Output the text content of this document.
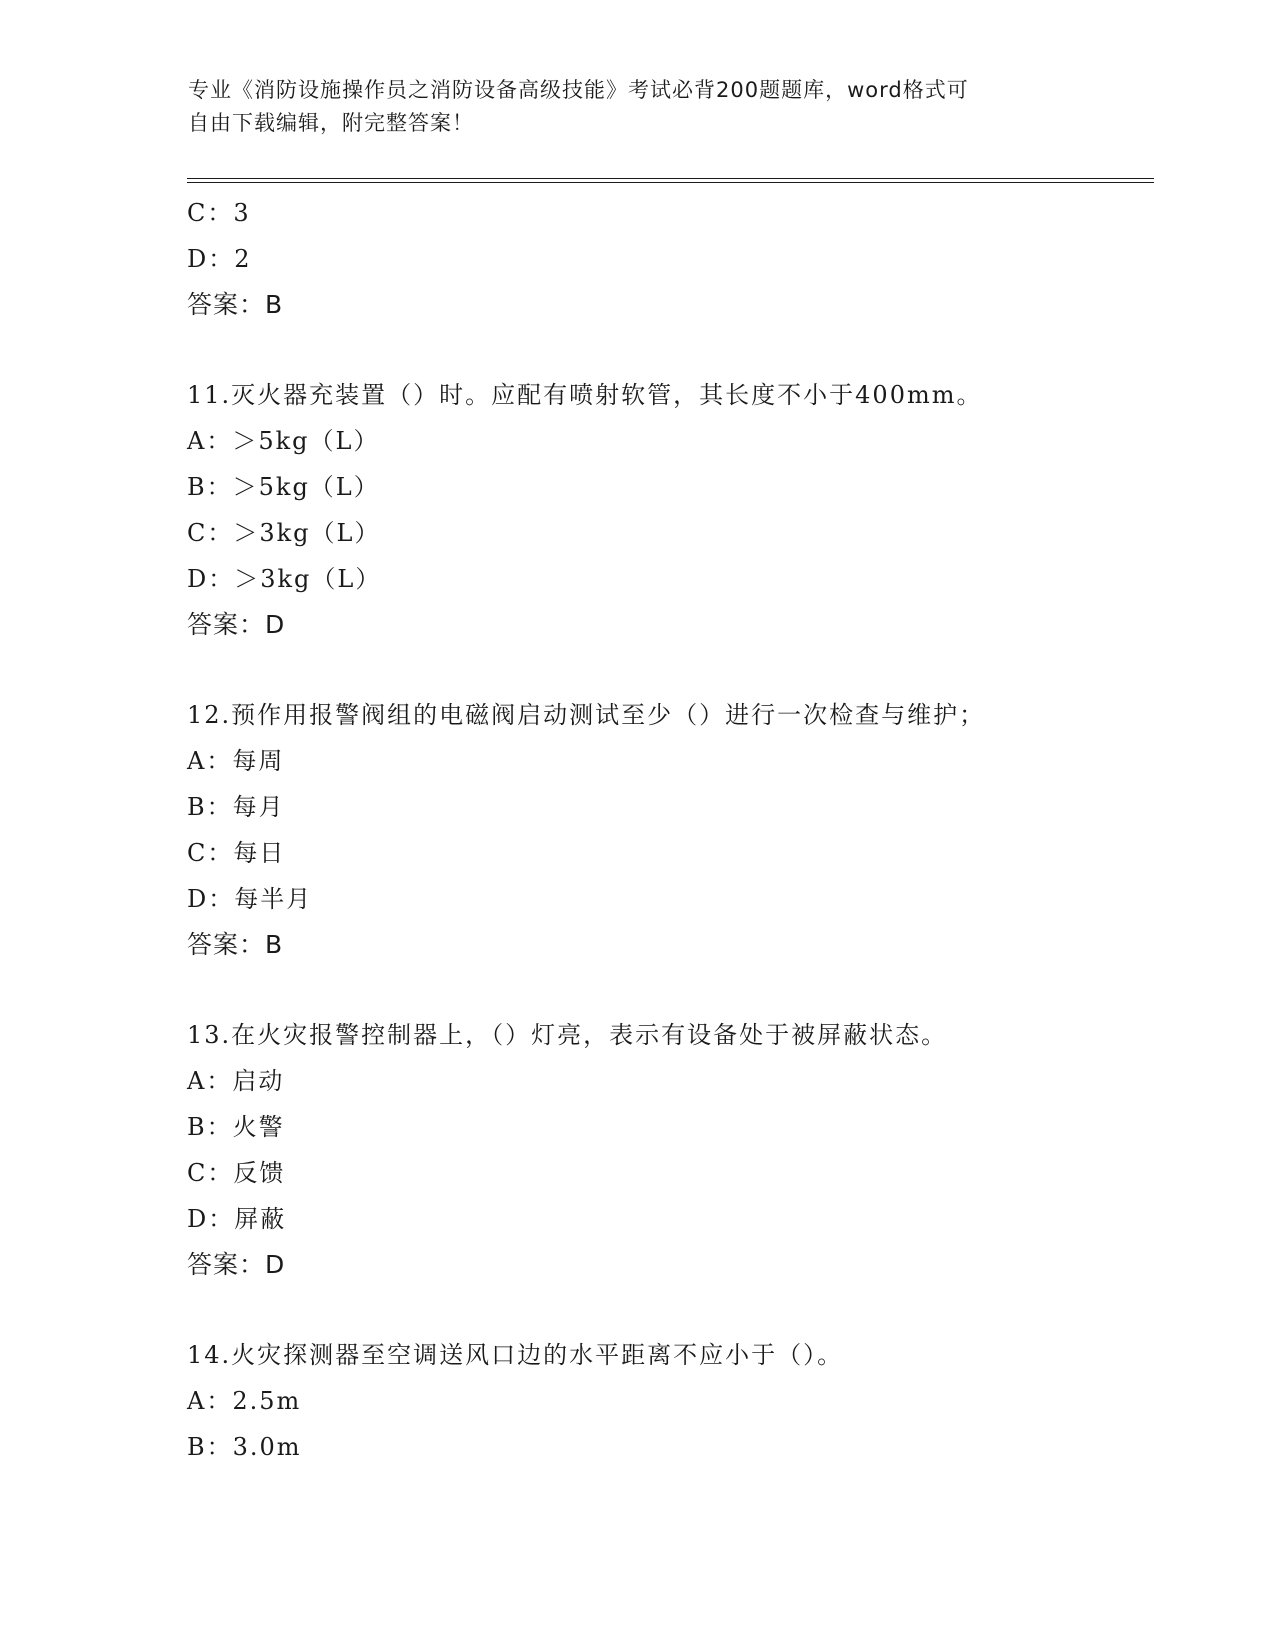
专业《消防设施操作员之消防设备高级技能》考试必背200题题库，word格式可
自由下载编辑，附完整答案！
C：3
D：2
答案：B
11.灭火器充装置（）时。应配有喷射软管，其长度不小于400mm。
A：＞5kg（L）
B：＞5kg（L）
C：＞3kg（L）
D：＞3kg（L）
答案：D
12.预作用报警阀组的电磁阀启动测试至少（）进行一次检查与维护；
A：每周
B：每月
C：每日
D：每半月
答案：B
13.在火灾报警控制器上，（）灯亮，表示有设备处于被屏蔽状态。
A：启动
B：火警
C：反馈
D：屏蔽
答案：D
14.火灾探测器至空调送风口边的水平距离不应小于（）。
A：2.5m
B：3.0m
